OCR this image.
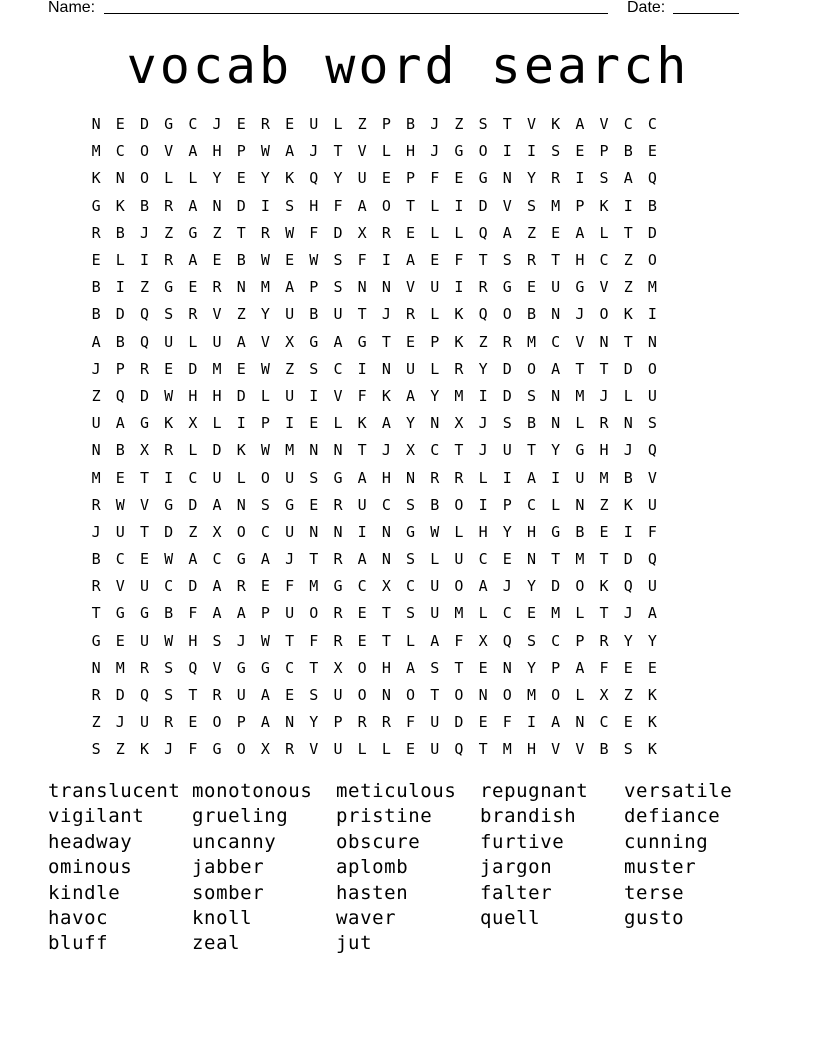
Name:	Date:
vocab word search
N	E	D	G	C	J	E	R	E	U	L	Z	P	B	J	Z	S	T	V	K	A	V	C	C
M	C	O	V	A	H	P	W	A	J	T	V	L	H	J	G	O	I	I	S	E	P	B	E
K	N	O	L	L	Y	E	Y	K	Q	Y	U	E	P	F	E	G	N	Y	R	I	S	A	Q
G	K	B	R	A	N	D	I	S	H	F	A	O	T	L	I	D	V	S	M	P	K	I	B
R	B	J	Z	G	Z	T	R	W	F	D	X	R	E	L	L	Q	A	Z	E	A	L	T	D
E	L	I	R	A	E	B	W	E	W	S	F	I	A	E	F	T	S	R	T	H	C	Z	O
B	I	Z	G	E	R	N	M	A	P	S	N	N	V	U	I	R	G	E	U	G	V	Z	M
B	D	Q	S	R	V	Z	Y	U	B	U	T	J	R	L	K	Q	O	B	N	J	O	K	I
A	B	Q	U	L	U	A	V	X	G	A	G	T	E	P	K	Z	R	M	C	V	N	T	N
J	P	R	E	D	M	E	W	Z	S	C	I	N	U	L	R	Y	D	O	A	T	T	D	O
Z	Q	D	W	H	H	D	L	U	I	V	F	K	A	Y	M	I	D	S	N	M	J	L	U
U	A	G	K	X	L	I	P	I	E	L	K	A	Y	N	X	J	S	B	N	L	R	N	S
N	B	X	R	L	D	K	W	M	N	N	T	J	X	C	T	J	U	T	Y	G	H	J	Q
M	E	T	I	C	U	L	O	U	S	G	A	H	N	R	R	L	I	A	I	U	M	B	V
R	W	V	G	D	A	N	S	G	E	R	U	C	S	B	O	I	P	C	L	N	Z	K	U
J	U	T	D	Z	X	O	C	U	N	N	I	N	G	W	L	H	Y	H	G	B	E	I	F
B	C	E	W	A	C	G	A	J	T	R	A	N	S	L	U	C	E	N	T	M	T	D	Q
R	V	U	C	D	A	R	E	F	M	G	C	X	C	U	O	A	J	Y	D	O	K	Q	U
T	G	G	B	F	A	A	P	U	O	R	E	T	S	U	M	L	C	E	M	L	T	J	A
G	E	U	W	H	S	J	W	T	F	R	E	T	L	A	F	X	Q	S	C	P	R	Y	Y
N	M	R	S	Q	V	G	G	C	T	X	O	H	A	S	T	E	N	Y	P	A	F	E	E
R	D	Q	S	T	R	U	A	E	S	U	O	N	O	T	O	N	O	M	O	L	X	Z	K
Z	J	U	R	E	O	P	A	N	Y	P	R	R	F	U	D	E	F	I	A	N	C	E	K
S	Z	K	J	F	G	O	X	R	V	U	L	L	E	U	Q	T	M	H	V	V	B	S	K
translucent monotonous	meticulous	repugnant	versatile
vigilant	grueling	pristine	brandish	defiance
headway	uncanny	obscure	furtive	cunning
ominous	jabber	aplomb	jargon	muster
kindle	somber	hasten	falter	terse
havoc	knoll	waver	quell	gusto
bluff	zeal	jut
